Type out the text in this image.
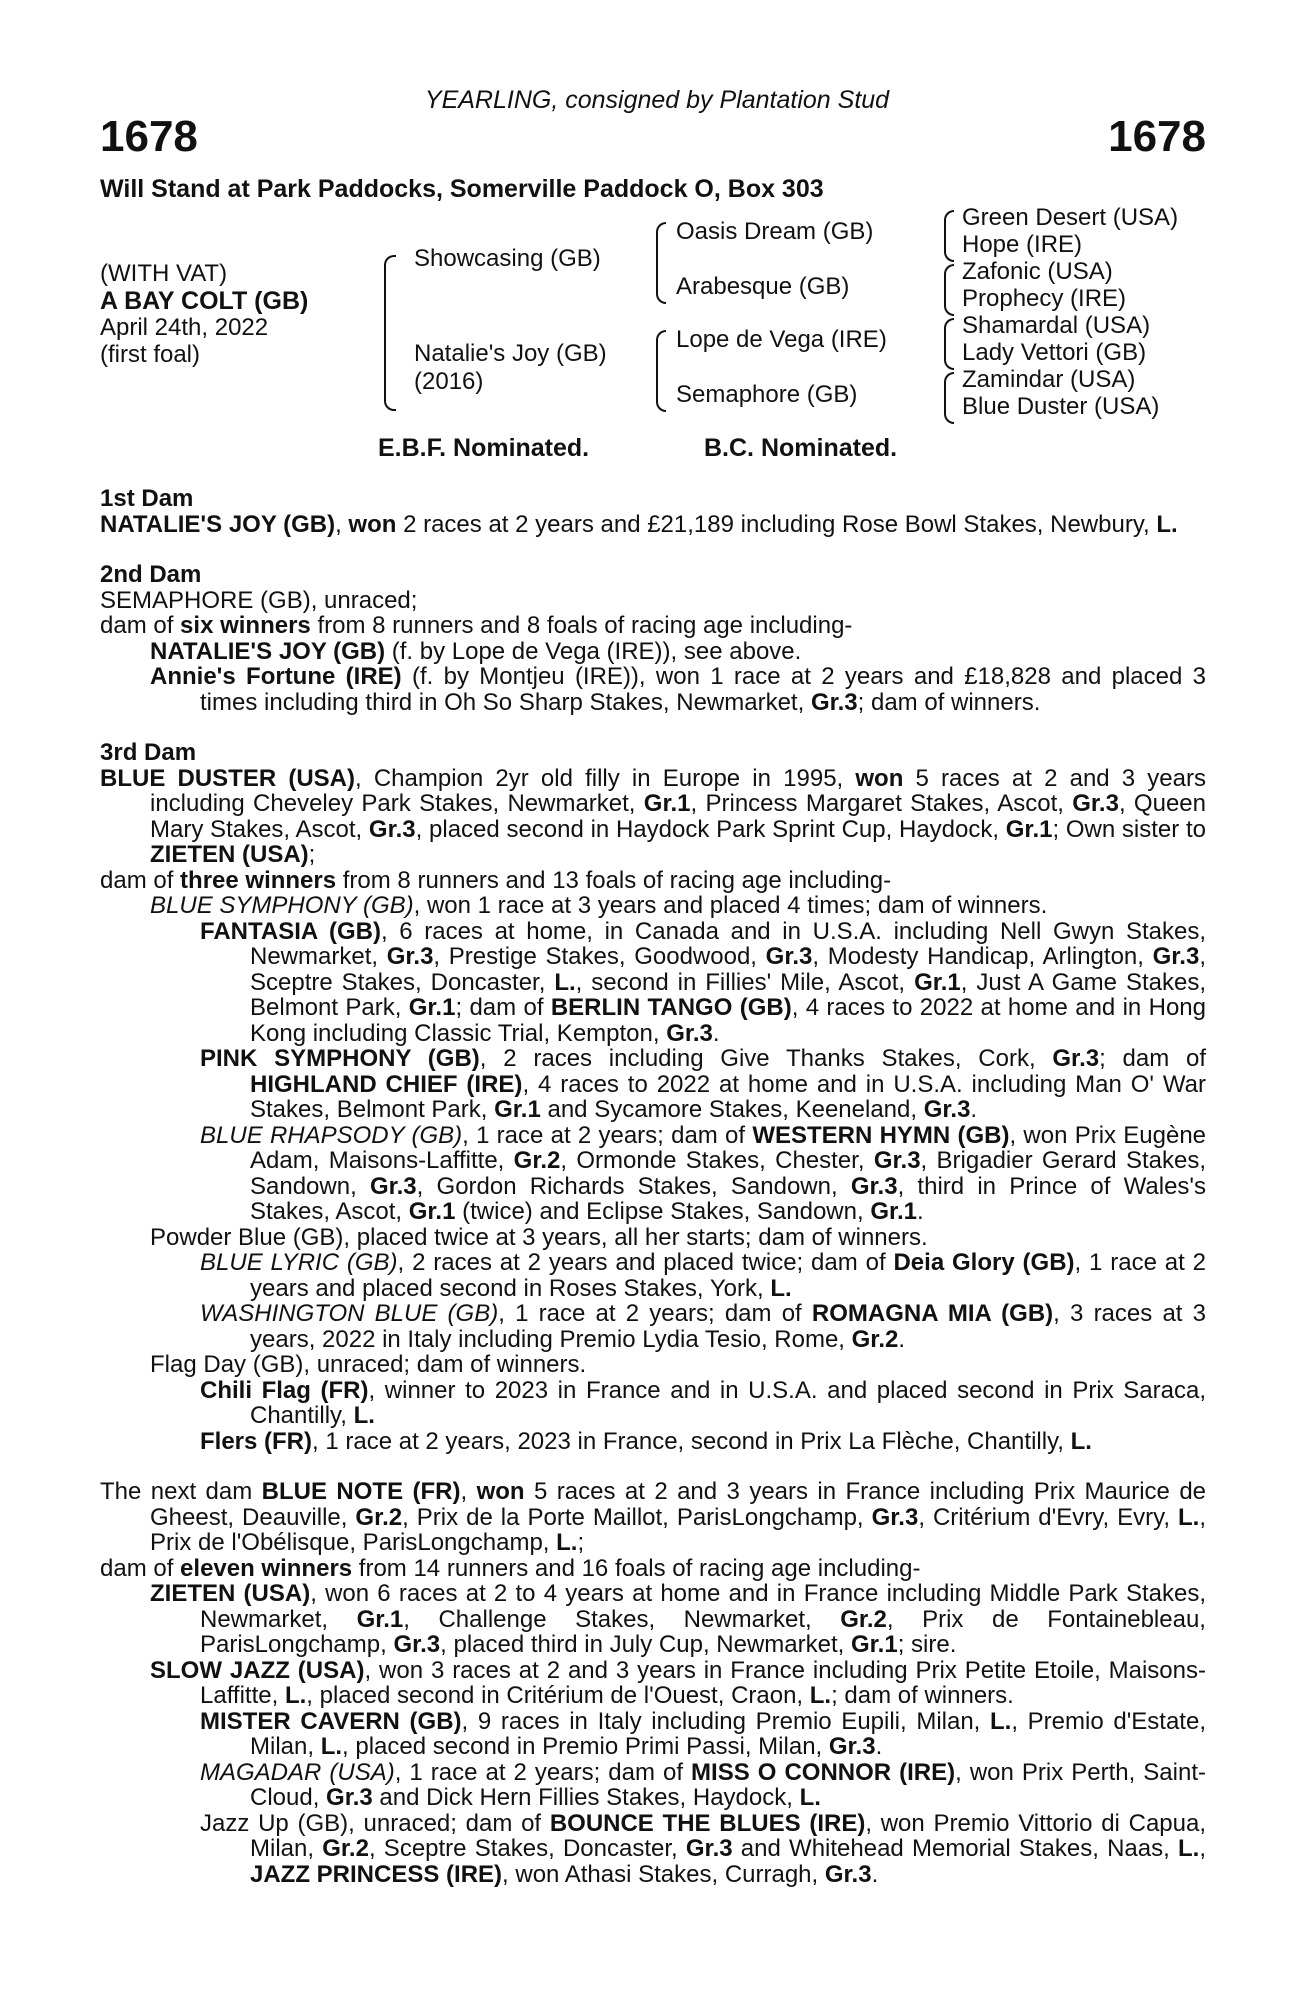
YEARLING, consigned by Plantation Stud
1678	1678
Will Stand at Park Paddocks, Somerville Paddock O, Box 303
(WITH VAT)
A BAY COLT (GB)
April 24th, 2022
(first foal)
Showcasing (GB)
Natalie's Joy (GB)
(2016)
Oasis Dream (GB)
Arabesque (GB)
Lope de Vega (IRE)
Semaphore (GB)
Green Desert (USA)
Hope (IRE)
Zafonic (USA)
Prophecy (IRE)
Shamardal (USA)
Lady Vettori (GB)
Zamindar (USA)
Blue Duster (USA)
E.B.F. Nominated.	B.C. Nominated.

1st Dam

NATALIE'S JOY (GB), won 2 races at 2 years and £21,189 including Rose Bowl Stakes, Newbury, L.

2nd Dam

SEMAPHORE (GB), unraced;

dam of six winners from 8 runners and 8 foals of racing age including-

NATALIE'S JOY (GB) (f. by Lope de Vega (IRE)), see above.

Annie's Fortune (IRE) (f. by Montjeu (IRE)), won 1 race at 2 years and £18,828 and placed 3 times including third in Oh So Sharp Stakes, Newmarket, Gr.3; dam of winners.

3rd Dam

BLUE DUSTER (USA), Champion 2yr old filly in Europe in 1995, won 5 races at 2 and 3 years including Cheveley Park Stakes, Newmarket, Gr.1, Princess Margaret Stakes, Ascot, Gr.3, Queen Mary Stakes, Ascot, Gr.3, placed second in Haydock Park Sprint Cup, Haydock, Gr.1; Own sister to ZIETEN (USA);

dam of three winners from 8 runners and 13 foals of racing age including-

BLUE SYMPHONY (GB), won 1 race at 3 years and placed 4 times; dam of winners.

FANTASIA (GB), 6 races at home, in Canada and in U.S.A. including Nell Gwyn Stakes, Newmarket, Gr.3, Prestige Stakes, Goodwood, Gr.3, Modesty Handicap, Arlington, Gr.3, Sceptre Stakes, Doncaster, L., second in Fillies' Mile, Ascot, Gr.1, Just A Game Stakes, Belmont Park, Gr.1; dam of BERLIN TANGO (GB), 4 races to 2022 at home and in Hong Kong including Classic Trial, Kempton, Gr.3.

PINK SYMPHONY (GB), 2 races including Give Thanks Stakes, Cork, Gr.3; dam of HIGHLAND CHIEF (IRE), 4 races to 2022 at home and in U.S.A. including Man O' War Stakes, Belmont Park, Gr.1 and Sycamore Stakes, Keeneland, Gr.3.

BLUE RHAPSODY (GB), 1 race at 2 years; dam of WESTERN HYMN (GB), won Prix Eugène Adam, Maisons-Laffitte, Gr.2, Ormonde Stakes, Chester, Gr.3, Brigadier Gerard Stakes, Sandown, Gr.3, Gordon Richards Stakes, Sandown, Gr.3, third in Prince of Wales's Stakes, Ascot, Gr.1 (twice) and Eclipse Stakes, Sandown, Gr.1.

Powder Blue (GB), placed twice at 3 years, all her starts; dam of winners.

BLUE LYRIC (GB), 2 races at 2 years and placed twice; dam of Deia Glory (GB), 1 race at 2 years and placed second in Roses Stakes, York, L.

WASHINGTON BLUE (GB), 1 race at 2 years; dam of ROMAGNA MIA (GB), 3 races at 3 years, 2022 in Italy including Premio Lydia Tesio, Rome, Gr.2.

Flag Day (GB), unraced; dam of winners.

Chili Flag (FR), winner to 2023 in France and in U.S.A. and placed second in Prix Saraca, Chantilly, L.

Flers (FR), 1 race at 2 years, 2023 in France, second in Prix La Flèche, Chantilly, L.

The next dam BLUE NOTE (FR), won 5 races at 2 and 3 years in France including Prix Maurice de Gheest, Deauville, Gr.2, Prix de la Porte Maillot, ParisLongchamp, Gr.3, Critérium d'Evry, Evry, L., Prix de l'Obélisque, ParisLongchamp, L.;

dam of eleven winners from 14 runners and 16 foals of racing age including-

ZIETEN (USA), won 6 races at 2 to 4 years at home and in France including Middle Park Stakes, Newmarket, Gr.1, Challenge Stakes, Newmarket, Gr.2, Prix de Fontainebleau, ParisLongchamp, Gr.3, placed third in July Cup, Newmarket, Gr.1; sire.

SLOW JAZZ (USA), won 3 races at 2 and 3 years in France including Prix Petite Etoile, Maisons-Laffitte, L., placed second in Critérium de l'Ouest, Craon, L.; dam of winners.

MISTER CAVERN (GB), 9 races in Italy including Premio Eupili, Milan, L., Premio d'Estate, Milan, L., placed second in Premio Primi Passi, Milan, Gr.3.

MAGADAR (USA), 1 race at 2 years; dam of MISS O CONNOR (IRE), won Prix Perth, Saint-Cloud, Gr.3 and Dick Hern Fillies Stakes, Haydock, L.

Jazz Up (GB), unraced; dam of BOUNCE THE BLUES (IRE), won Premio Vittorio di Capua, Milan, Gr.2, Sceptre Stakes, Doncaster, Gr.3 and Whitehead Memorial Stakes, Naas, L., JAZZ PRINCESS (IRE), won Athasi Stakes, Curragh, Gr.3.
